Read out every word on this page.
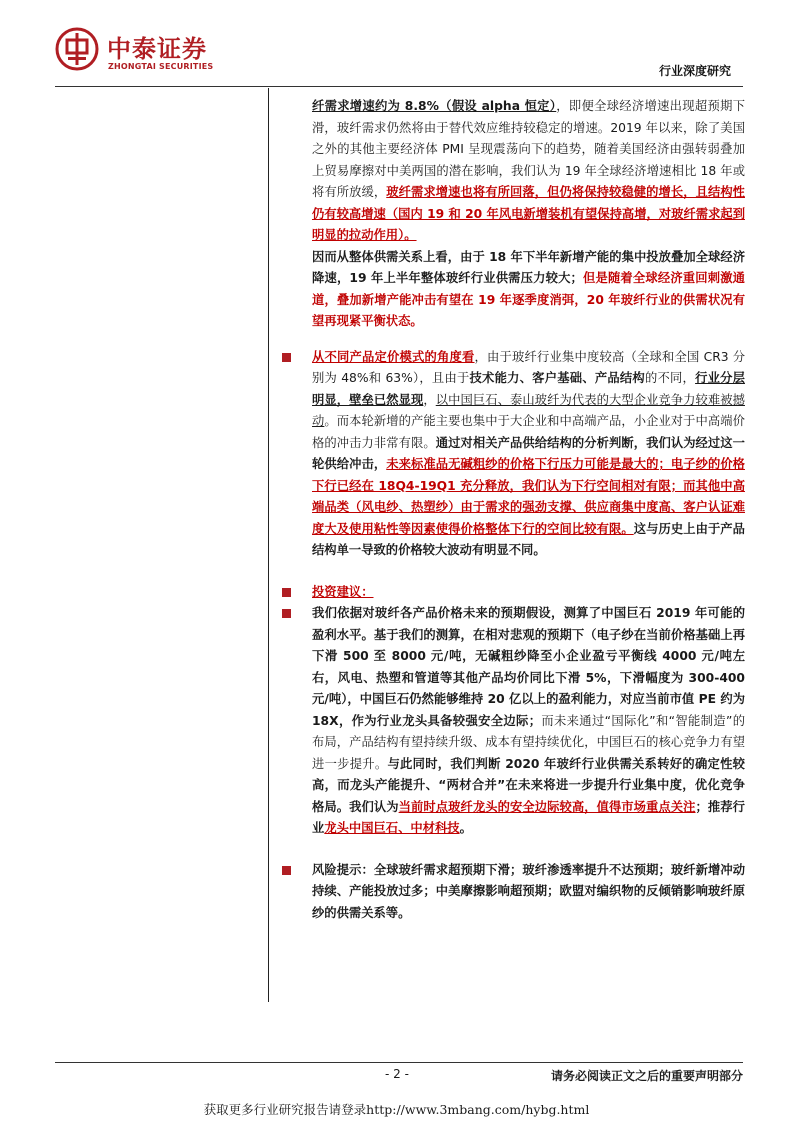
中泰证券
ZHONGTAI SECURITIES	行业深度研究

纤需求增速约为 8.8%（假设 alpha 恒定），即便全球经济增速出现超预期下滑，玻纤需求仍然将由于替代效应维持较稳定的增速。2019 年以来，除了美国之外的其他主要经济体 PMI 呈现震荡向下的趋势，随着美国经济由强转弱叠加上贸易摩擦对中美两国的潜在影响，我们认为 19 年全球经济增速相比 18 年或将有所放缓，玻纤需求增速也将有所回落，但仍将保持较稳健的增长，且结构性仍有较高增速（国内 19 和 20 年风电新增装机有望保持高增，对玻纤需求起到明显的拉动作用）。

因而从整体供需关系上看，由于 18 年下半年新增产能的集中投放叠加全球经济降速，19 年上半年整体玻纤行业供需压力较大；但是随着全球经济重回刺激通道，叠加新增产能冲击有望在 19 年逐季度消弭，20 年玻纤行业的供需状况有望再现紧平衡状态。

从不同产品定价模式的角度看，由于玻纤行业集中度较高（全球和全国 CR3 分别为 48%和 63%），且由于技术能力、客户基础、产品结构的不同，行业分层明显，壁垒已然显现，以中国巨石、泰山玻纤为代表的大型企业竞争力较难被撼动。而本轮新增的产能主要也集中于大企业和中高端产品，小企业对于中高端价格的冲击力非常有限。通过对相关产品供给结构的分析判断，我们认为经过这一轮供给冲击，未来标准品无碱粗纱的价格下行压力可能是最大的；电子纱的价格下行已经在 18Q4-19Q1 充分释放，我们认为下行空间相对有限；而其他中高端品类（风电纱、热塑纱）由于需求的强劲支撑、供应商集中度高、客户认证难度大及使用粘性等因素使得价格整体下行的空间比较有限。这与历史上由于产品结构单一导致的价格较大波动有明显不同。

投资建议：

我们依据对玻纤各产品价格未来的预期假设，测算了中国巨石 2019 年可能的盈利水平。基于我们的测算，在相对悲观的预期下（电子纱在当前价格基础上再下滑 500 至 8000 元/吨，无碱粗纱降至小企业盈亏平衡线 4000 元/吨左右，风电、热塑和管道等其他产品均价同比下滑 5%，下滑幅度为 300-400 元/吨），中国巨石仍然能够维持 20 亿以上的盈利能力，对应当前市值 PE 约为 18X，作为行业龙头具备较强安全边际；而未来通过“国际化”和“智能制造”的布局，产品结构有望持续升级、成本有望持续优化，中国巨石的核心竞争力有望进一步提升。与此同时，我们判断 2020 年玻纤行业供需关系转好的确定性较高，而龙头产能提升、“两材合并”在未来将进一步提升行业集中度，优化竞争格局。我们认为当前时点玻纤龙头的安全边际较高，值得市场重点关注；推荐行业龙头中国巨石、中材科技。

风险提示：全球玻纤需求超预期下滑；玻纤渗透率提升不达预期；玻纤新增冲动持续、产能投放过多；中美摩擦影响超预期；欧盟对编织物的反倾销影响玻纤原纱的供需关系等。

- 2 -	请务必阅读正文之后的重要声明部分
获取更多行业研究报告请登录http://www.3mbang.com/hybg.html
